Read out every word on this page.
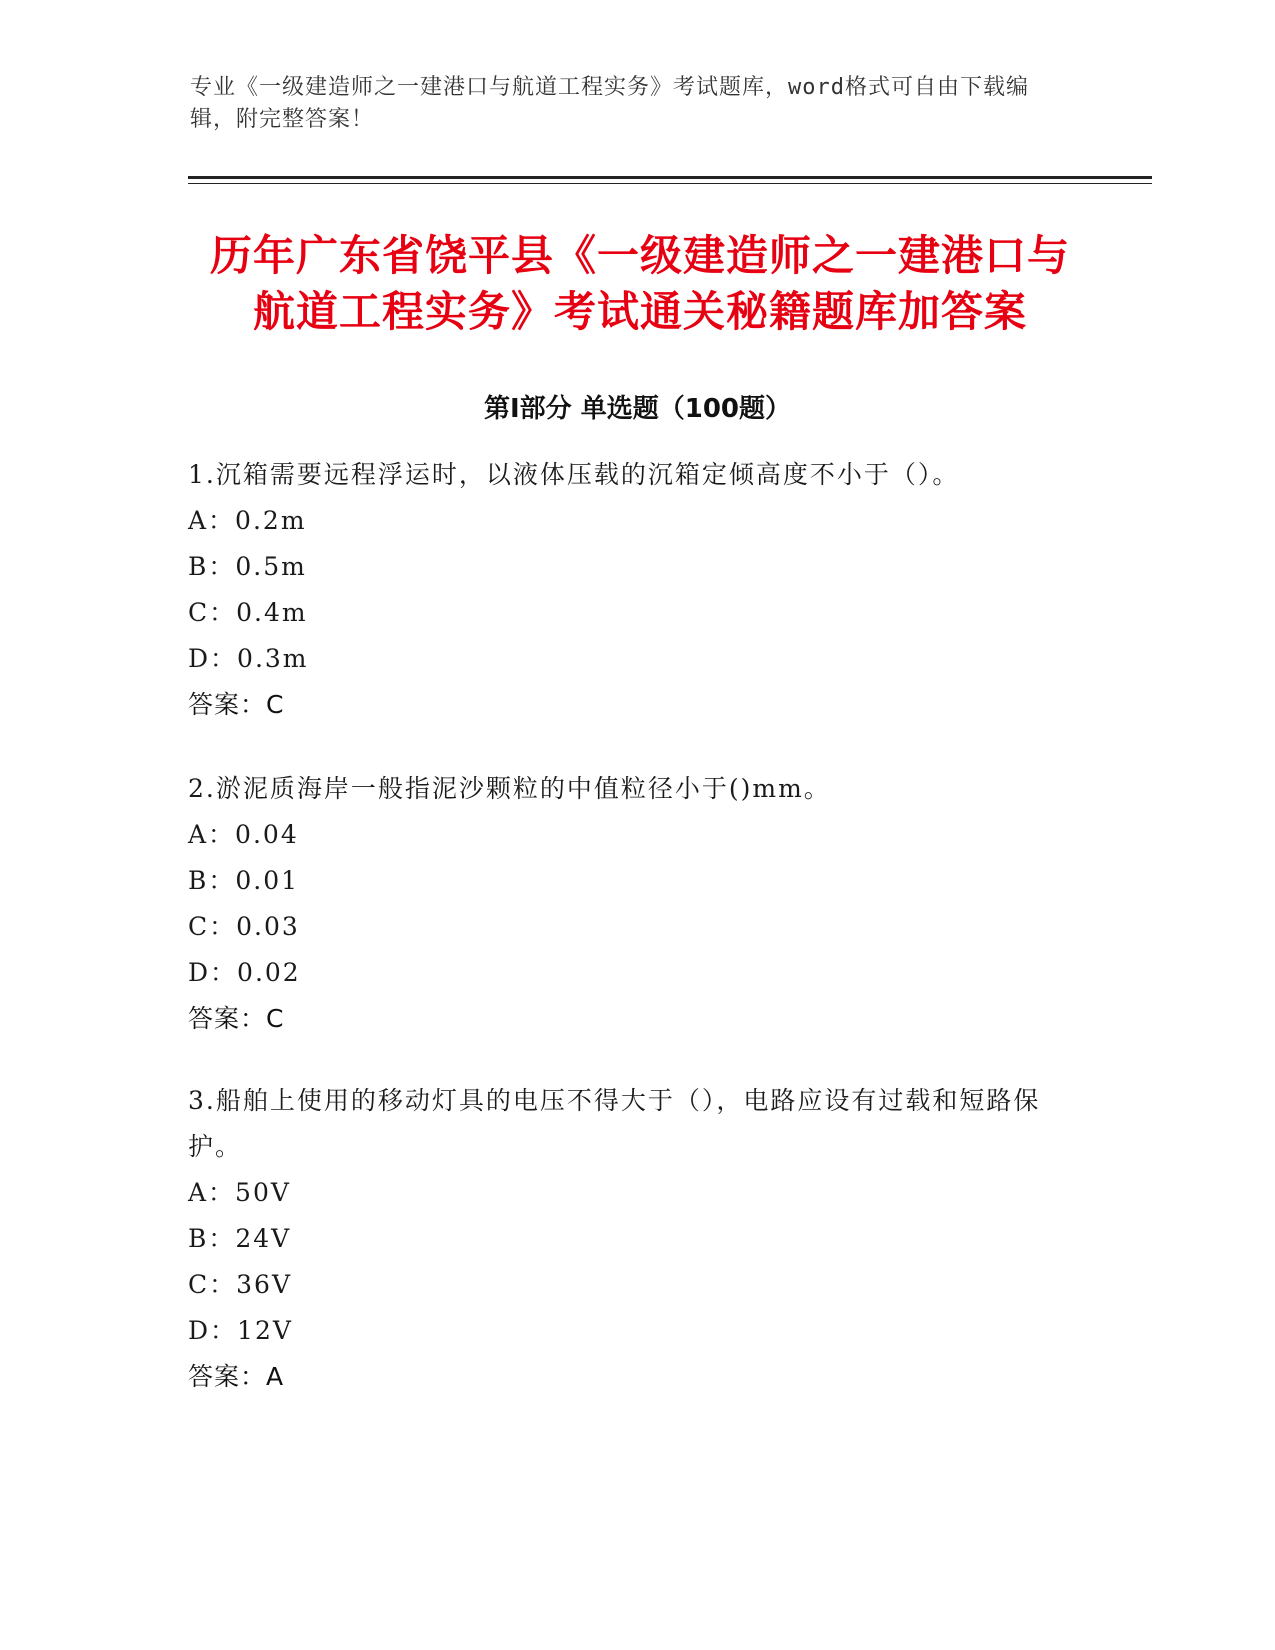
专业《一级建造师之一建港口与航道工程实务》考试题库，word格式可自由下载编辑，附完整答案！
历年广东省饶平县《一级建造师之一建港口与航道工程实务》考试通关秘籍题库加答案
第Ⅰ部分 单选题（100题）

1.沉箱需要远程浮运时，以液体压载的沉箱定倾高度不小于（）。

A：0.2m
B：0.5m
C：0.4m
D：0.3m
答案：C

2.淤泥质海岸一般指泥沙颗粒的中值粒径小于()mm。

A：0.04
B：0.01
C：0.03
D：0.02
答案：C

3.船舶上使用的移动灯具的电压不得大于（），电路应设有过载和短路保护。

A：50V
B：24V
C：36V
D：12V
答案：A
